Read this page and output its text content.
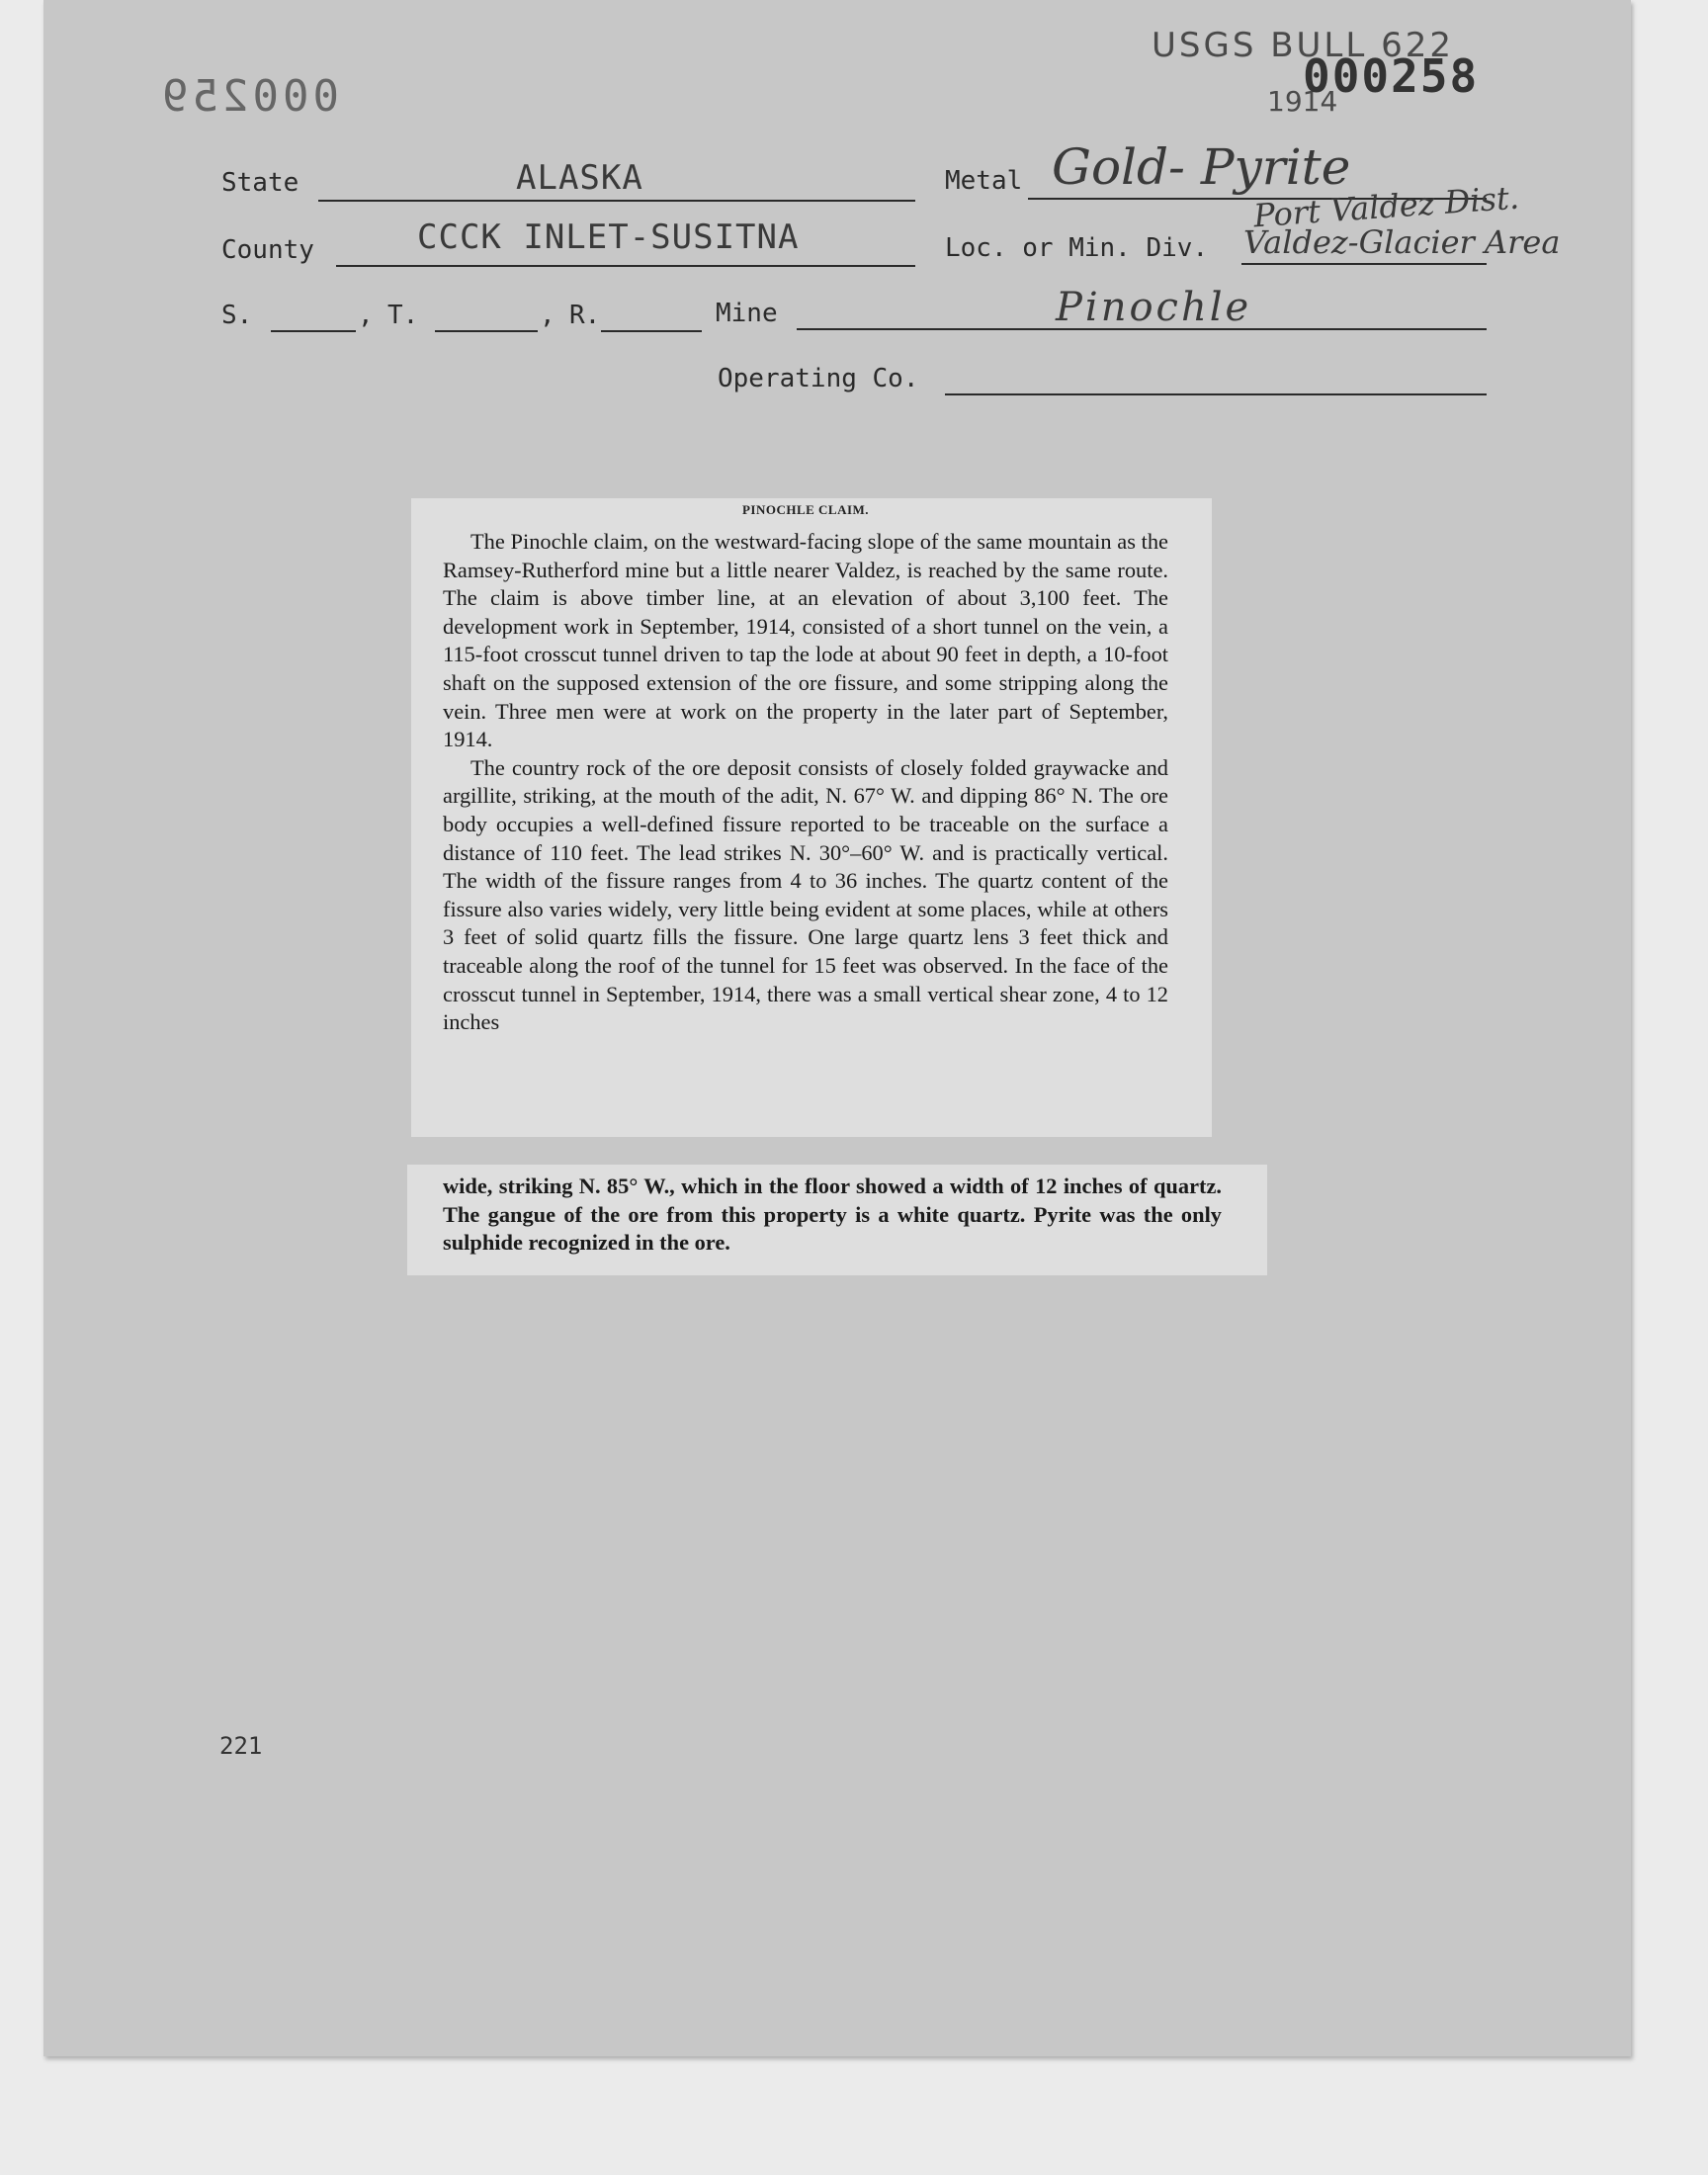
000259
USGS BULL 622
1914
000258
State	ALASKA	Metal Gold- Pyrite
Port Valdez Dist.
County	CCCK INLET-SUSITNA	Loc. or Min. Div. Valdez-Glacier Area
S.	, T.	, R.	Mine	Pinochle
Operating Co.
PINOCHLE CLAIM.

The Pinochle claim, on the westward-facing slope of the same mountain as the Ramsey-Rutherford mine but a little nearer Valdez, is reached by the same route. The claim is above timber line, at an elevation of about 3,100 feet. The development work in September, 1914, consisted of a short tunnel on the vein, a 115-foot crosscut tunnel driven to tap the lode at about 90 feet in depth, a 10-foot shaft on the supposed extension of the ore fissure, and some stripping along the vein. Three men were at work on the property in the later part of September, 1914.

The country rock of the ore deposit consists of closely folded graywacke and argillite, striking, at the mouth of the adit, N. 67° W. and dipping 86° N. The ore body occupies a well-defined fissure reported to be traceable on the surface a distance of 110 feet. The lead strikes N. 30°–60° W. and is practically vertical. The width of the fissure ranges from 4 to 36 inches. The quartz content of the fissure also varies widely, very little being evident at some places, while at others 3 feet of solid quartz fills the fissure. One large quartz lens 3 feet thick and traceable along the roof of the tunnel for 15 feet was observed. In the face of the crosscut tunnel in September, 1914, there was a small vertical shear zone, 4 to 12 inches

wide, striking N. 85° W., which in the floor showed a width of 12 inches of quartz. The gangue of the ore from this property is a white quartz. Pyrite was the only sulphide recognized in the ore.

221
